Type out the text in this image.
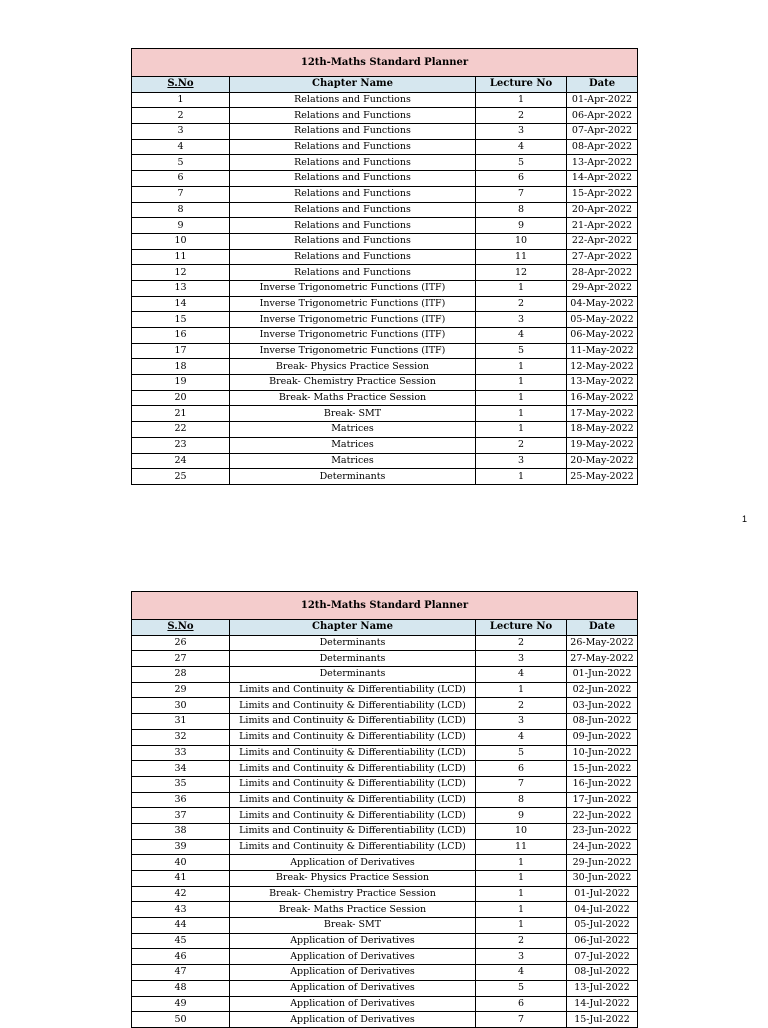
12th-Maths Standard Planner			
S.No	Chapter Name	Lecture No	Date
1	Relations and Functions	1	01-Apr-2022
2	Relations and Functions	2	06-Apr-2022
3	Relations and Functions	3	07-Apr-2022
4	Relations and Functions	4	08-Apr-2022
5	Relations and Functions	5	13-Apr-2022
6	Relations and Functions	6	14-Apr-2022
7	Relations and Functions	7	15-Apr-2022
8	Relations and Functions	8	20-Apr-2022
9	Relations and Functions	9	21-Apr-2022
10	Relations and Functions	10	22-Apr-2022
11	Relations and Functions	11	27-Apr-2022
12	Relations and Functions	12	28-Apr-2022
13	Inverse Trigonometric Functions (ITF)	1	29-Apr-2022
14	Inverse Trigonometric Functions (ITF)	2	04-May-2022
15	Inverse Trigonometric Functions (ITF)	3	05-May-2022
16	Inverse Trigonometric Functions (ITF)	4	06-May-2022
17	Inverse Trigonometric Functions (ITF)	5	11-May-2022
18	Break- Physics Practice Session	1	12-May-2022
19	Break- Chemistry Practice Session	1	13-May-2022
20	Break- Maths Practice Session	1	16-May-2022
21	Break- SMT	1	17-May-2022
22	Matrices	1	18-May-2022
23	Matrices	2	19-May-2022
24	Matrices	3	20-May-2022
25	Determinants	1	25-May-2022
1
12th-Maths Standard Planner			
S.No	Chapter Name	Lecture No	Date
26	Determinants	2	26-May-2022
27	Determinants	3	27-May-2022
28	Determinants	4	01-Jun-2022
29	Limits and Continuity & Differentiability (LCD)	1	02-Jun-2022
30	Limits and Continuity & Differentiability (LCD)	2	03-Jun-2022
31	Limits and Continuity & Differentiability (LCD)	3	08-Jun-2022
32	Limits and Continuity & Differentiability (LCD)	4	09-Jun-2022
33	Limits and Continuity & Differentiability (LCD)	5	10-Jun-2022
34	Limits and Continuity & Differentiability (LCD)	6	15-Jun-2022
35	Limits and Continuity & Differentiability (LCD)	7	16-Jun-2022
36	Limits and Continuity & Differentiability (LCD)	8	17-Jun-2022
37	Limits and Continuity & Differentiability (LCD)	9	22-Jun-2022
38	Limits and Continuity & Differentiability (LCD)	10	23-Jun-2022
39	Limits and Continuity & Differentiability (LCD)	11	24-Jun-2022
40	Application of Derivatives	1	29-Jun-2022
41	Break- Physics Practice Session	1	30-Jun-2022
42	Break- Chemistry Practice Session	1	01-Jul-2022
43	Break- Maths Practice Session	1	04-Jul-2022
44	Break- SMT	1	05-Jul-2022
45	Application of Derivatives	2	06-Jul-2022
46	Application of Derivatives	3	07-Jul-2022
47	Application of Derivatives	4	08-Jul-2022
48	Application of Derivatives	5	13-Jul-2022
49	Application of Derivatives	6	14-Jul-2022
50	Application of Derivatives	7	15-Jul-2022
